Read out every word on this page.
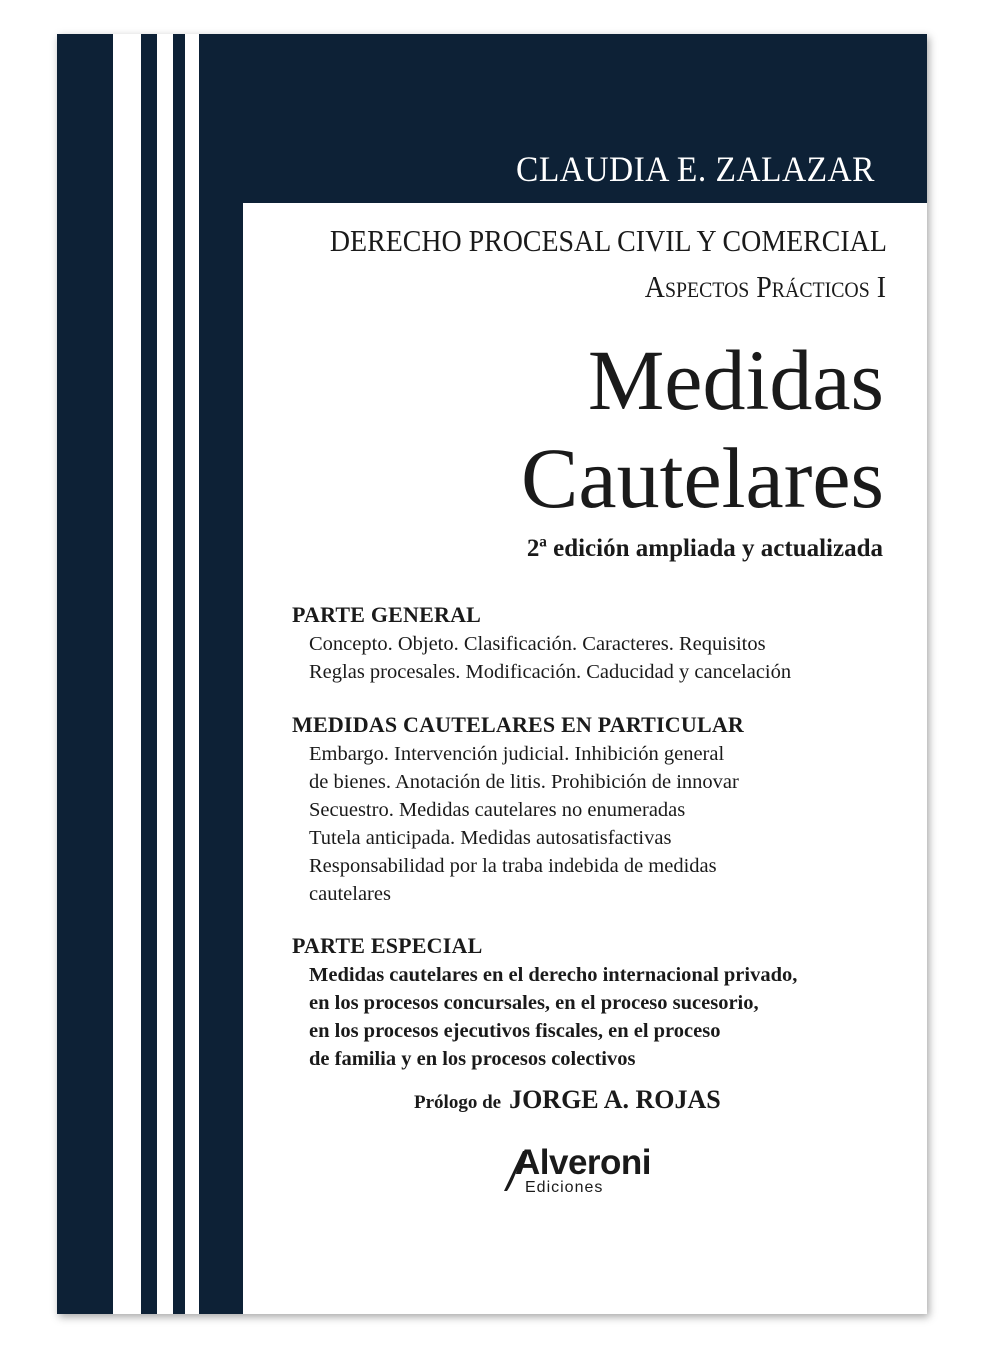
CLAUDIA E. ZALAZAR
DERECHO PROCESAL CIVIL Y COMERCIAL
Aspectos Prácticos I
Medidas
Cautelares
2ª edición ampliada y actualizada
PARTE GENERAL
Concepto. Objeto. Clasificación. Caracteres. Requisitos
Reglas procesales. Modificación. Caducidad y cancelación
MEDIDAS CAUTELARES EN PARTICULAR
Embargo. Intervención judicial. Inhibición general
de bienes. Anotación de litis. Prohibición de innovar
Secuestro. Medidas cautelares no enumeradas
Tutela anticipada. Medidas autosatisfactivas
Responsabilidad por la traba indebida de medidas
cautelares
PARTE ESPECIAL
Medidas cautelares en el derecho internacional privado,
en los procesos concursales, en el proceso sucesorio,
en los procesos ejecutivos fiscales, en el proceso
de familia y en los procesos colectivos
Prólogo de JORGE A. ROJAS
Alveroni
Ediciones
